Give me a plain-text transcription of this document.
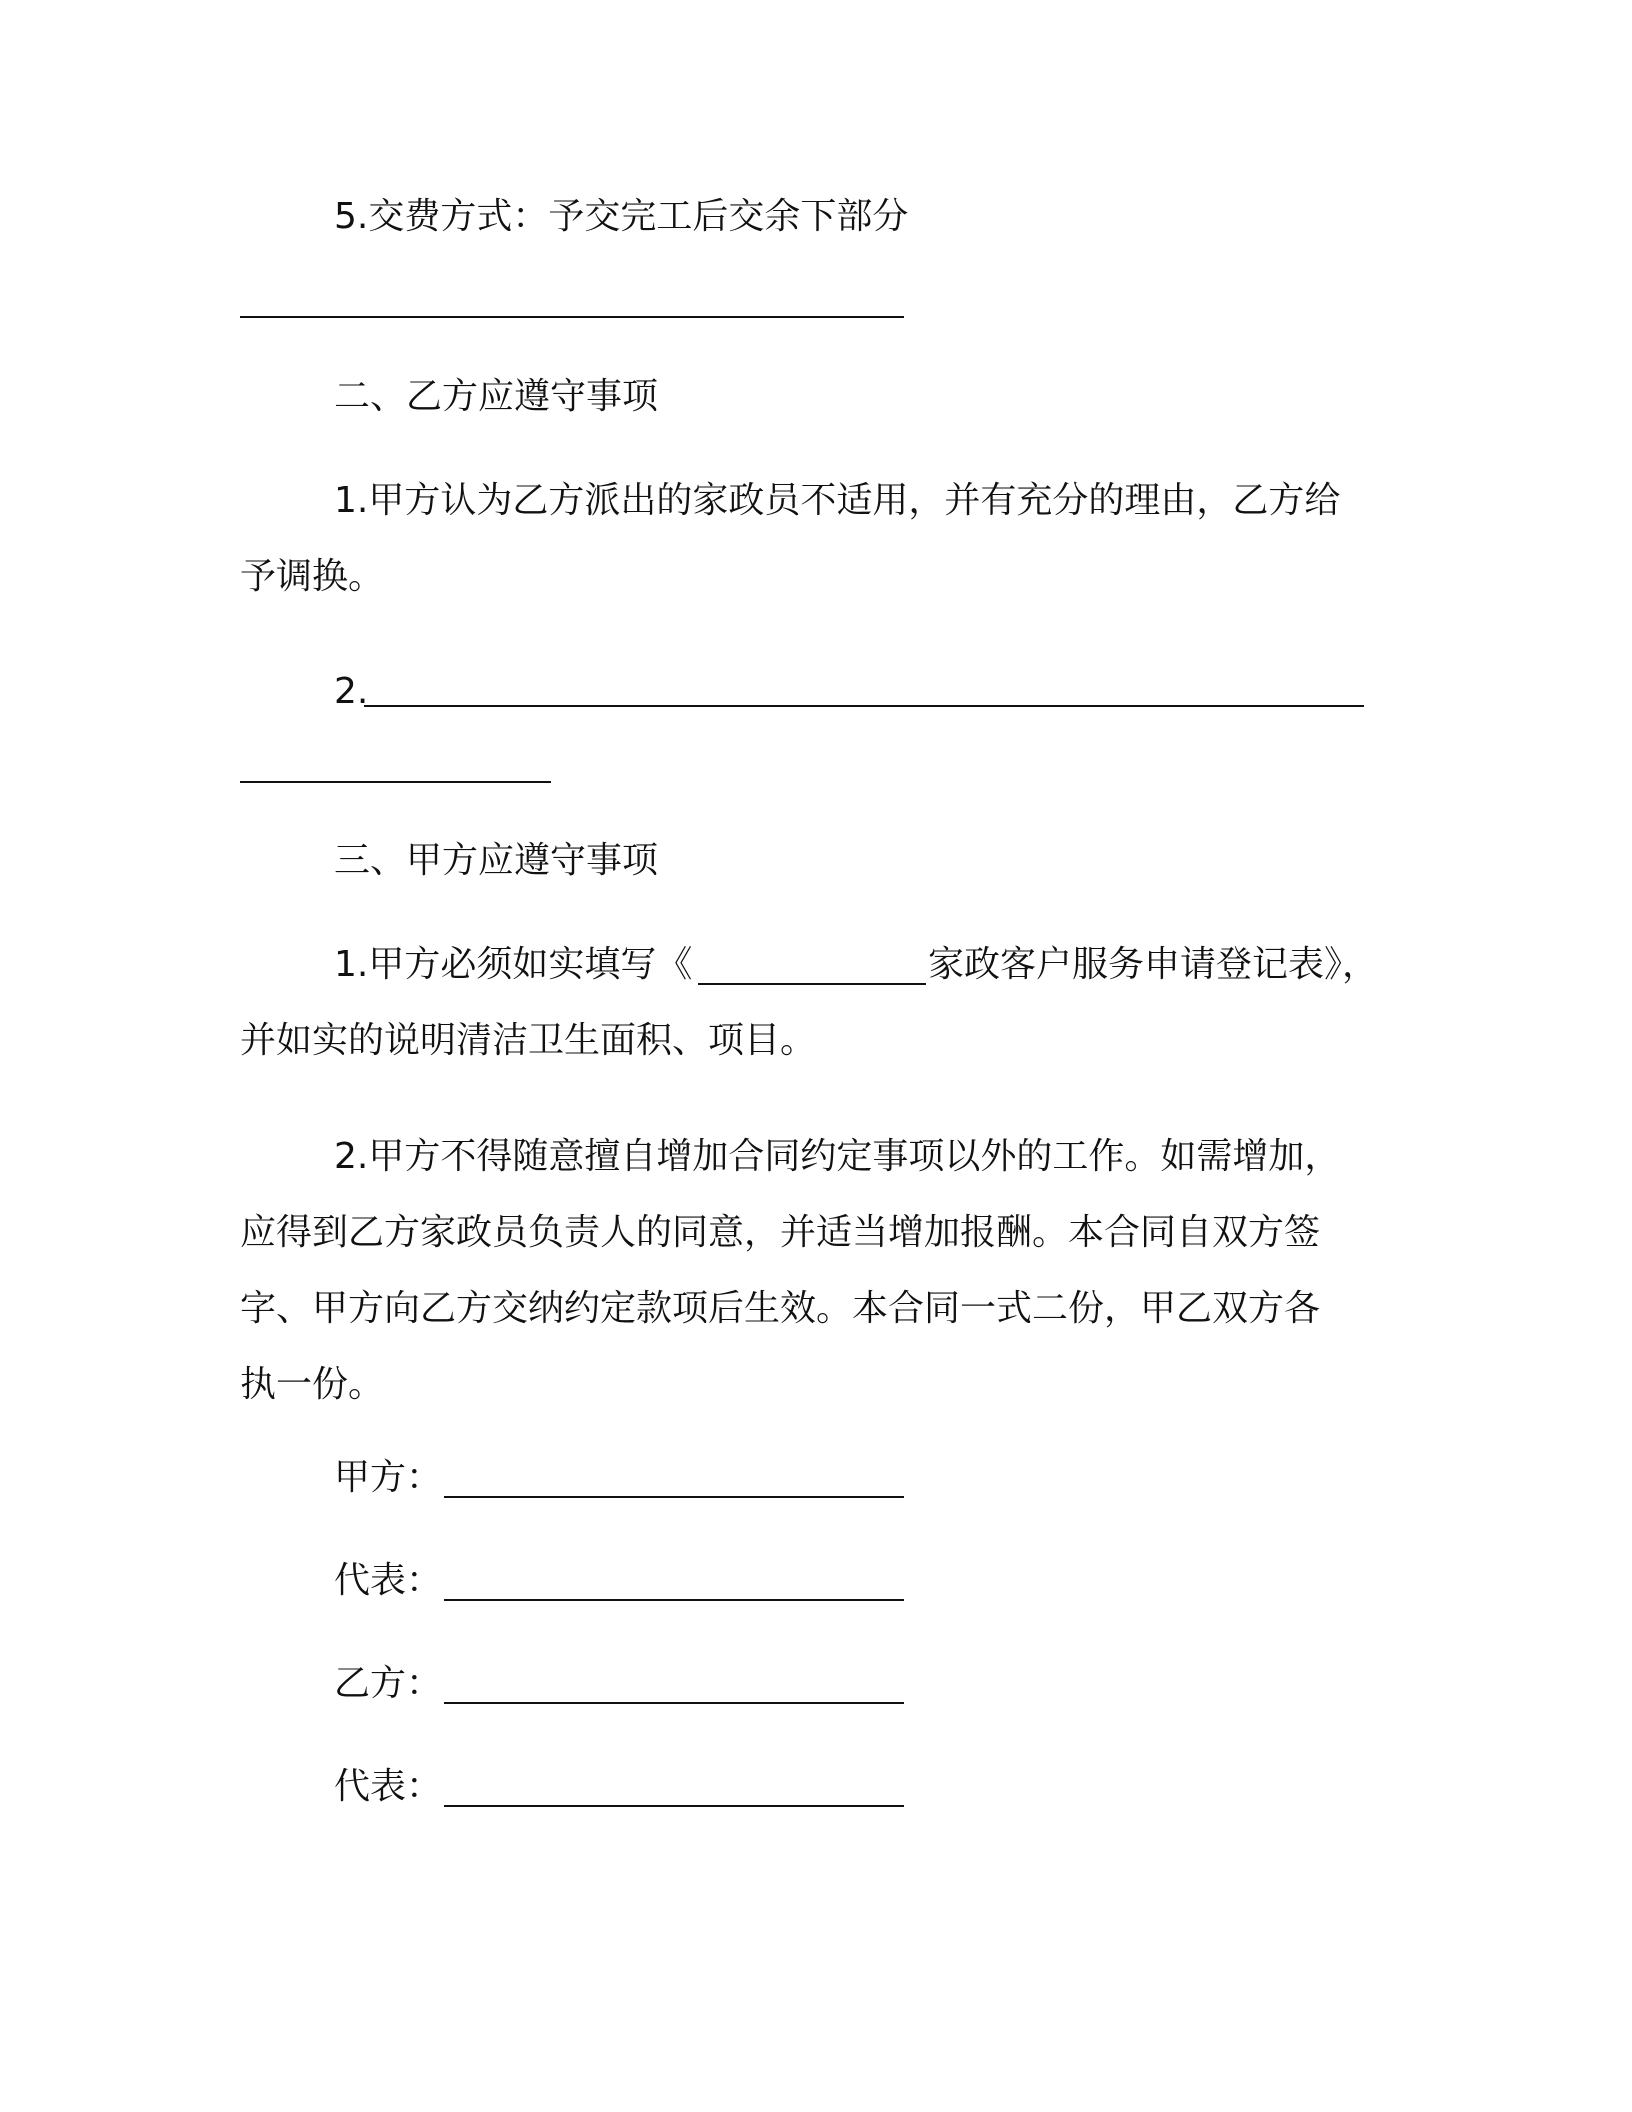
5.交费方式：予交完工后交余下部分
二、乙方应遵守事项
1.甲方认为乙方派出的家政员不适用，并有充分的理由，乙方给
予调换。
2.
三、甲方应遵守事项
1.甲方必须如实填写《	家政客户服务申请登记表》，
并如实的说明清洁卫生面积、项目。
2.甲方不得随意擅自增加合同约定事项以外的工作。如需增加，
应得到乙方家政员负责人的同意，并适当增加报酬。本合同自双方签
字、甲方向乙方交纳约定款项后生效。本合同一式二份，甲乙双方各
执一份。
甲方：
代表：
乙方：
代表：
